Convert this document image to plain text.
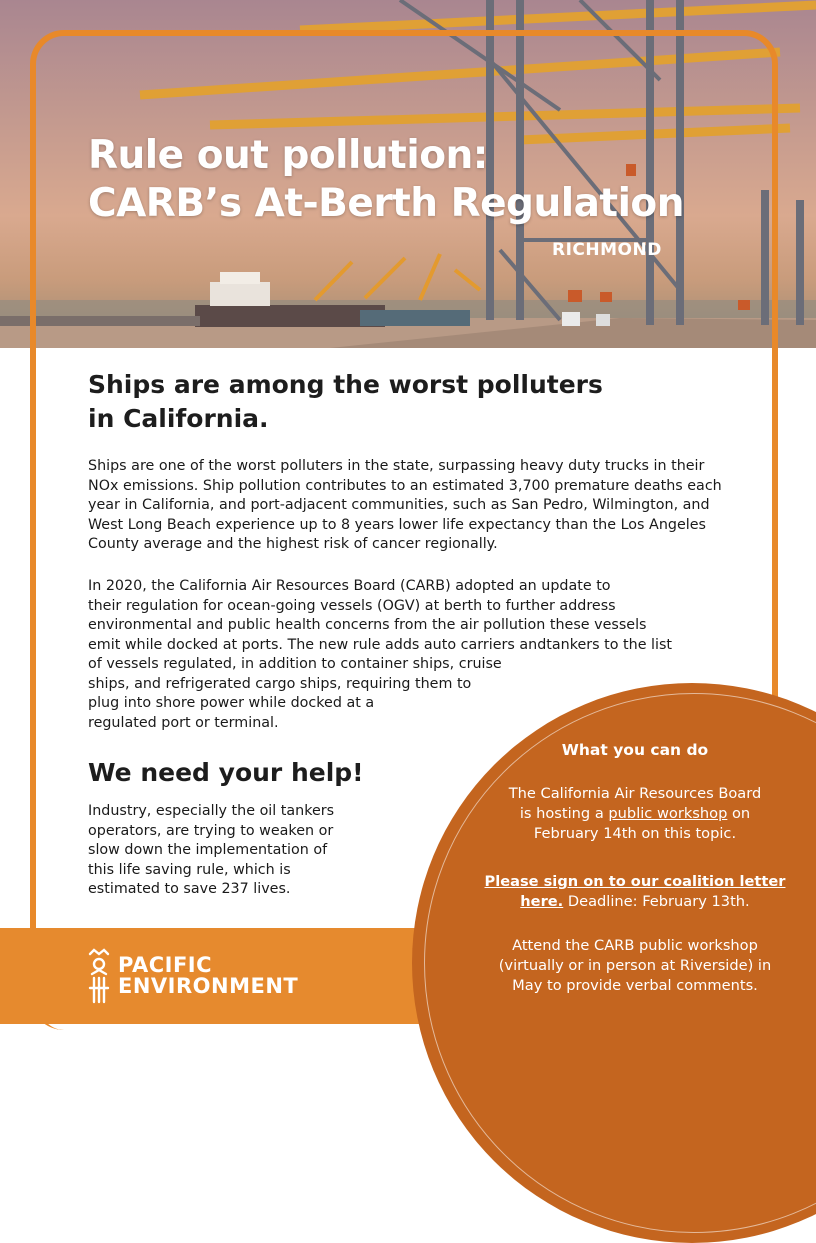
Rule out pollution:
CARB’s At-Berth Regulation
RICHMOND
Ships are among the worst polluters in California.
Ships are one of the worst polluters in the state, surpassing heavy duty trucks in their NOx emissions. Ship pollution contributes to an estimated 3,700 premature deaths each year in California, and port-adjacent communities, such as San Pedro, Wilmington, and West Long Beach experience up to 8 years lower life expectancy than the Los Angeles County average and the highest risk of cancer regionally.
In 2020, the California Air Resources Board (CARB) adopted an update to
their regulation for ocean-going vessels (OGV) at berth to further address
environmental and public health concerns from the air pollution these vessels
emit while docked at ports. The new rule adds auto carriers andtankers to the list
of vessels regulated, in addition to container ships, cruise
ships, and refrigerated cargo ships, requiring them to
plug into shore power while docked at a
regulated port or terminal.
We need your help!
Industry, especially the oil tankers
operators, are trying to weaken or
slow down the implementation of
this life saving rule, which is
estimated to save 237 lives.
PACIFIC
ENVIRONMENT
What you can do
The California Air Resources Board
is hosting a public workshop on
February 14th on this topic.
Please sign on to our coalition letter
here. Deadline: February 13th.
Attend the CARB public workshop
(virtually or in person at Riverside) in
May to provide verbal comments.
